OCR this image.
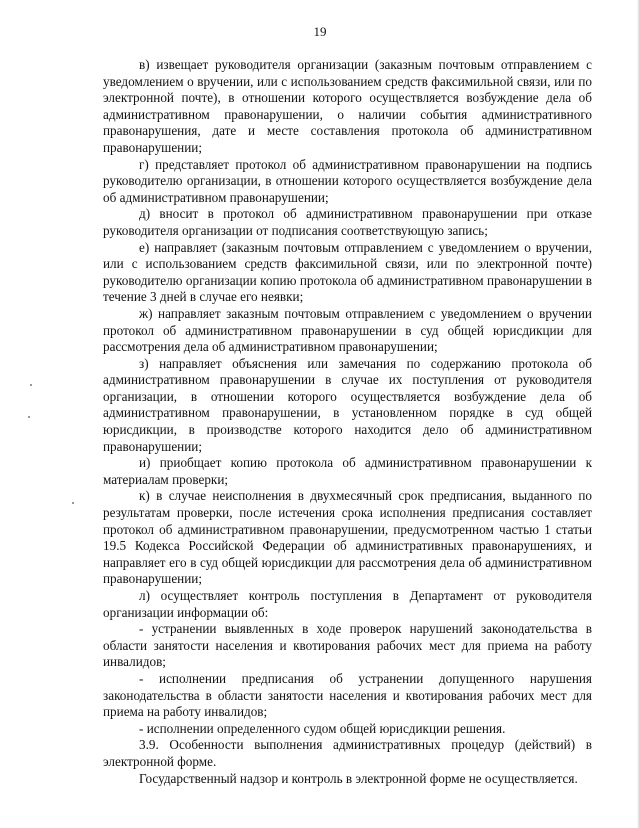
19

в) извещает руководителя организации (заказным почтовым отправлением с уведомлением о вручении, или с использованием средств факсимильной связи, или по электронной почте), в отношении которого осуществляется возбуждение дела об административном правонарушении, о наличии события административного правонарушения, дате и месте составления протокола об административном правонарушении;

г) представляет протокол об административном правонарушении на подпись руководителю организации, в отношении которого осуществляется возбуждение дела об административном правонарушении;

д) вносит в протокол об административном правонарушении при отказе руководителя организации от подписания соответствующую запись;

е) направляет (заказным почтовым отправлением с уведомлением о вручении, или с использованием средств факсимильной связи, или по электронной почте) руководителю организации копию протокола об административном правонарушении в течение 3 дней в случае его неявки;

ж) направляет заказным почтовым отправлением с уведомлением о вручении протокол об административном правонарушении в суд общей юрисдикции для рассмотрения дела об административном правонарушении;

з) направляет объяснения или замечания по содержанию протокола об административном правонарушении в случае их поступления от руководителя организации, в отношении которого осуществляется возбуждение дела об административном правонарушении, в установленном порядке в суд общей юрисдикции, в производстве которого находится дело об административном правонарушении;

и) приобщает копию протокола об административном правонарушении к материалам проверки;

к) в случае неисполнения в двухмесячный срок предписания, выданного по результатам проверки, после истечения срока исполнения предписания составляет протокол об административном правонарушении, предусмотренном частью 1 статьи 19.5 Кодекса Российской Федерации об административных правонарушениях, и направляет его в суд общей юрисдикции для рассмотрения дела об административном правонарушении;

л) осуществляет контроль поступления в Департамент от руководителя организации информации об:

- устранении выявленных в ходе проверок нарушений законодательства в области занятости населения и квотирования рабочих мест для приема на работу инвалидов;

- исполнении предписания об устранении допущенного нарушения законодательства в области занятости населения и квотирования рабочих мест для приема на работу инвалидов;

- исполнении определенного судом общей юрисдикции решения.

3.9. Особенности выполнения административных процедур (действий) в электронной форме.

Государственный надзор и контроль в электронной форме не осуществляется.
